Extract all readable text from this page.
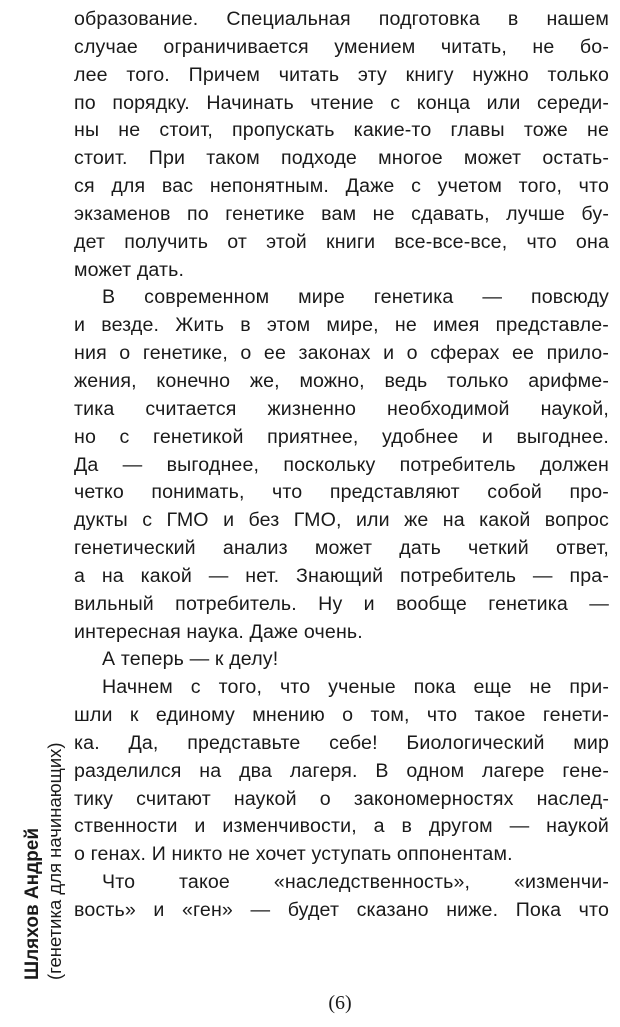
Шляхов Андрей (генетика для начинающих)
образование. Специальная подготовка в нашем
случае ограничивается умением читать, не бо-
лее того. Причем читать эту книгу нужно только
по порядку. Начинать чтение с конца или середи-
ны не стоит, пропускать какие-то главы тоже не
стоит. При таком подходе многое может остать-
ся для вас непонятным. Даже с учетом того, что
экзаменов по генетике вам не сдавать, лучше бу-
дет получить от этой книги все-все-все, что она
может дать.
В современном мире генетика — повсюду
и везде. Жить в этом мире, не имея представле-
ния о генетике, о ее законах и о сферах ее прило-
жения, конечно же, можно, ведь только арифме-
тика считается жизненно необходимой наукой,
но с генетикой приятнее, удобнее и выгоднее.
Да — выгоднее, поскольку потребитель должен
четко понимать, что представляют собой про-
дукты с ГМО и без ГМО, или же на какой вопрос
генетический анализ может дать четкий ответ,
а на какой — нет. Знающий потребитель — пра-
вильный потребитель. Ну и вообще генетика —
интересная наука. Даже очень.
А теперь — к делу!
Начнем с того, что ученые пока еще не при-
шли к единому мнению о том, что такое генети-
ка. Да, представьте себе! Биологический мир
разделился на два лагеря. В одном лагере гене-
тику считают наукой о закономерностях наслед-
ственности и изменчивости, а в другом — наукой
о генах. И никто не хочет уступать оппонентам.
Что такое «наследственность», «изменчи-
вость» и «ген» — будет сказано ниже. Пока что
(6)
